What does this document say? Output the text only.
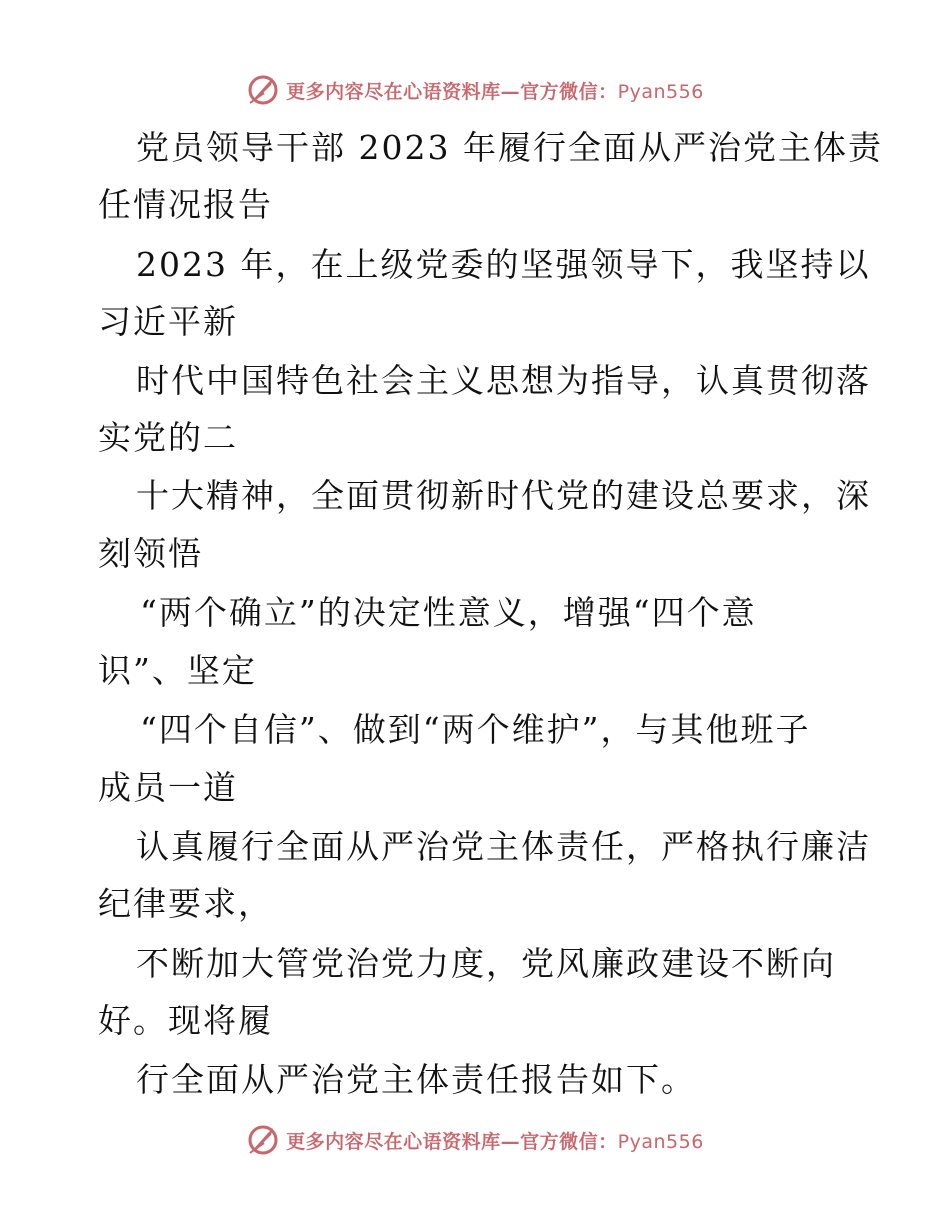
更多内容尽在心语资料库—官方微信：Pyan556
党员领导干部 2023 年履行全面从严治党主体责
任情况报告
2023 年，在上级党委的坚强领导下，我坚持以
习近平新
时代中国特色社会主义思想为指导，认真贯彻落
实党的二
十大精神，全面贯彻新时代党的建设总要求，深
刻领悟
“两个确立”的决定性意义，增强“四个意
识”、坚定
“四个自信”、做到“两个维护”，与其他班子
成员一道
认真履行全面从严治党主体责任，严格执行廉洁
纪律要求，
不断加大管党治党力度，党风廉政建设不断向
好。现将履
行全面从严治党主体责任报告如下。
更多内容尽在心语资料库—官方微信：Pyan556
